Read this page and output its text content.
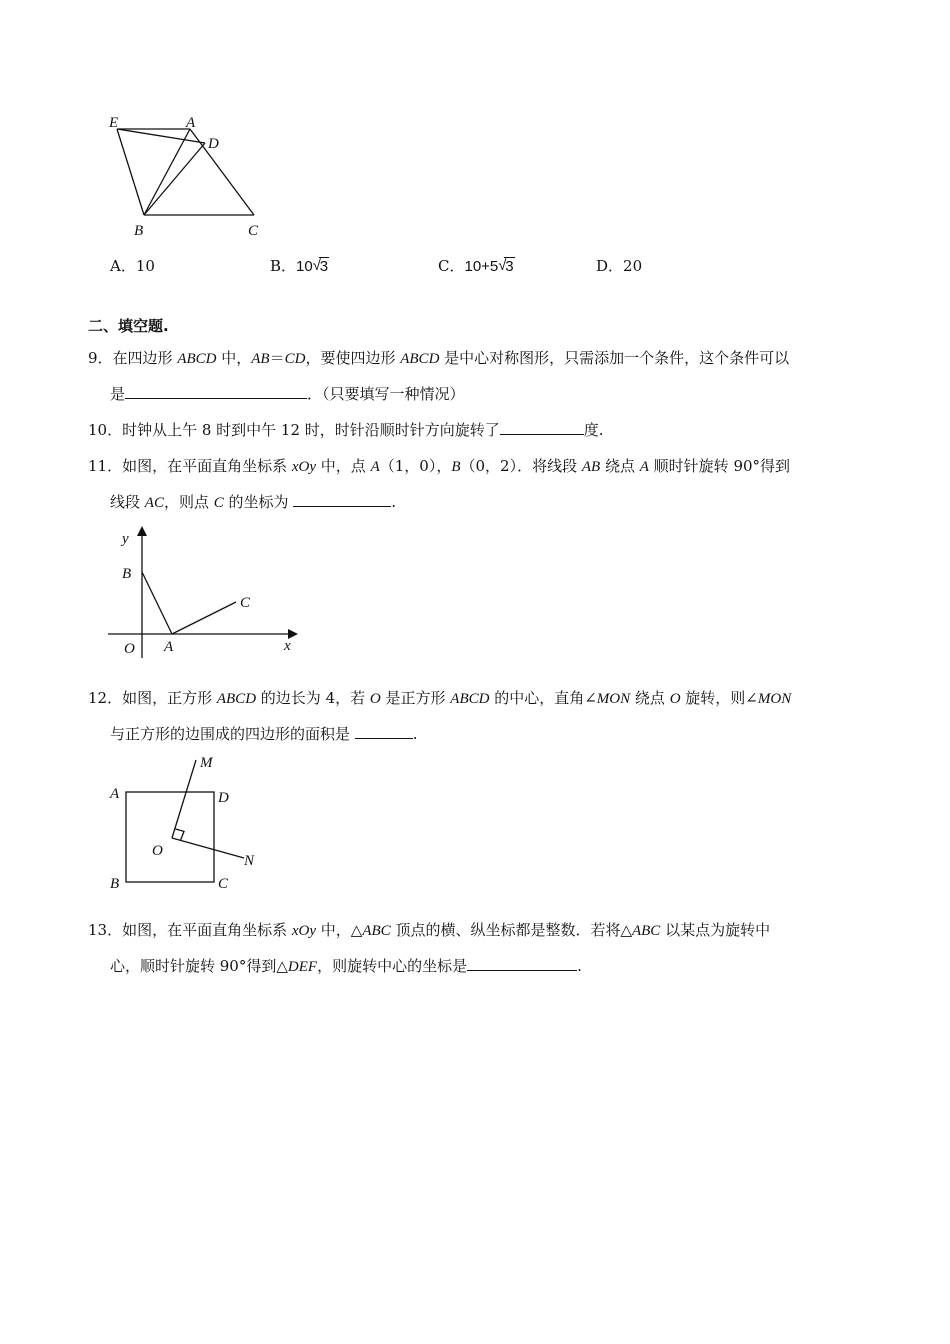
E	A
D
B	C
A．10	B．10 √
3	C．10+5 √
3	D．20
二、填空题.
9．在四边形 ABCD 中，AB＝CD，要使四边形 ABCD 是中心对称图形，只需添加一个条件，这个条件可以
是	．（只要填写一种情况）
10．时钟从上午 8 时到中午 12 时，时针沿顺时针方向旋转了	度.
11．如图，在平面直角坐标系 xOy 中，点 A（1，0），B（0，2）．将线段 AB 绕点 A 顺时针旋转 90°得到
线段 AC，则点 C 的坐标为	.
y
B
C
O A	x
12．如图，正方形 ABCD 的边长为 4，若 O 是正方形 ABCD 的中心，直角∠MON 绕点 O 旋转，则∠MON
与正方形的边围成的四边形的面积是	.
M
A	D
O
N
B	C
13．如图，在平面直角坐标系 xOy 中，△ABC 顶点的横、纵坐标都是整数．若将△ABC 以某点为旋转中
心，顺时针旋转 90°得到△DEF，则旋转中心的坐标是	.
